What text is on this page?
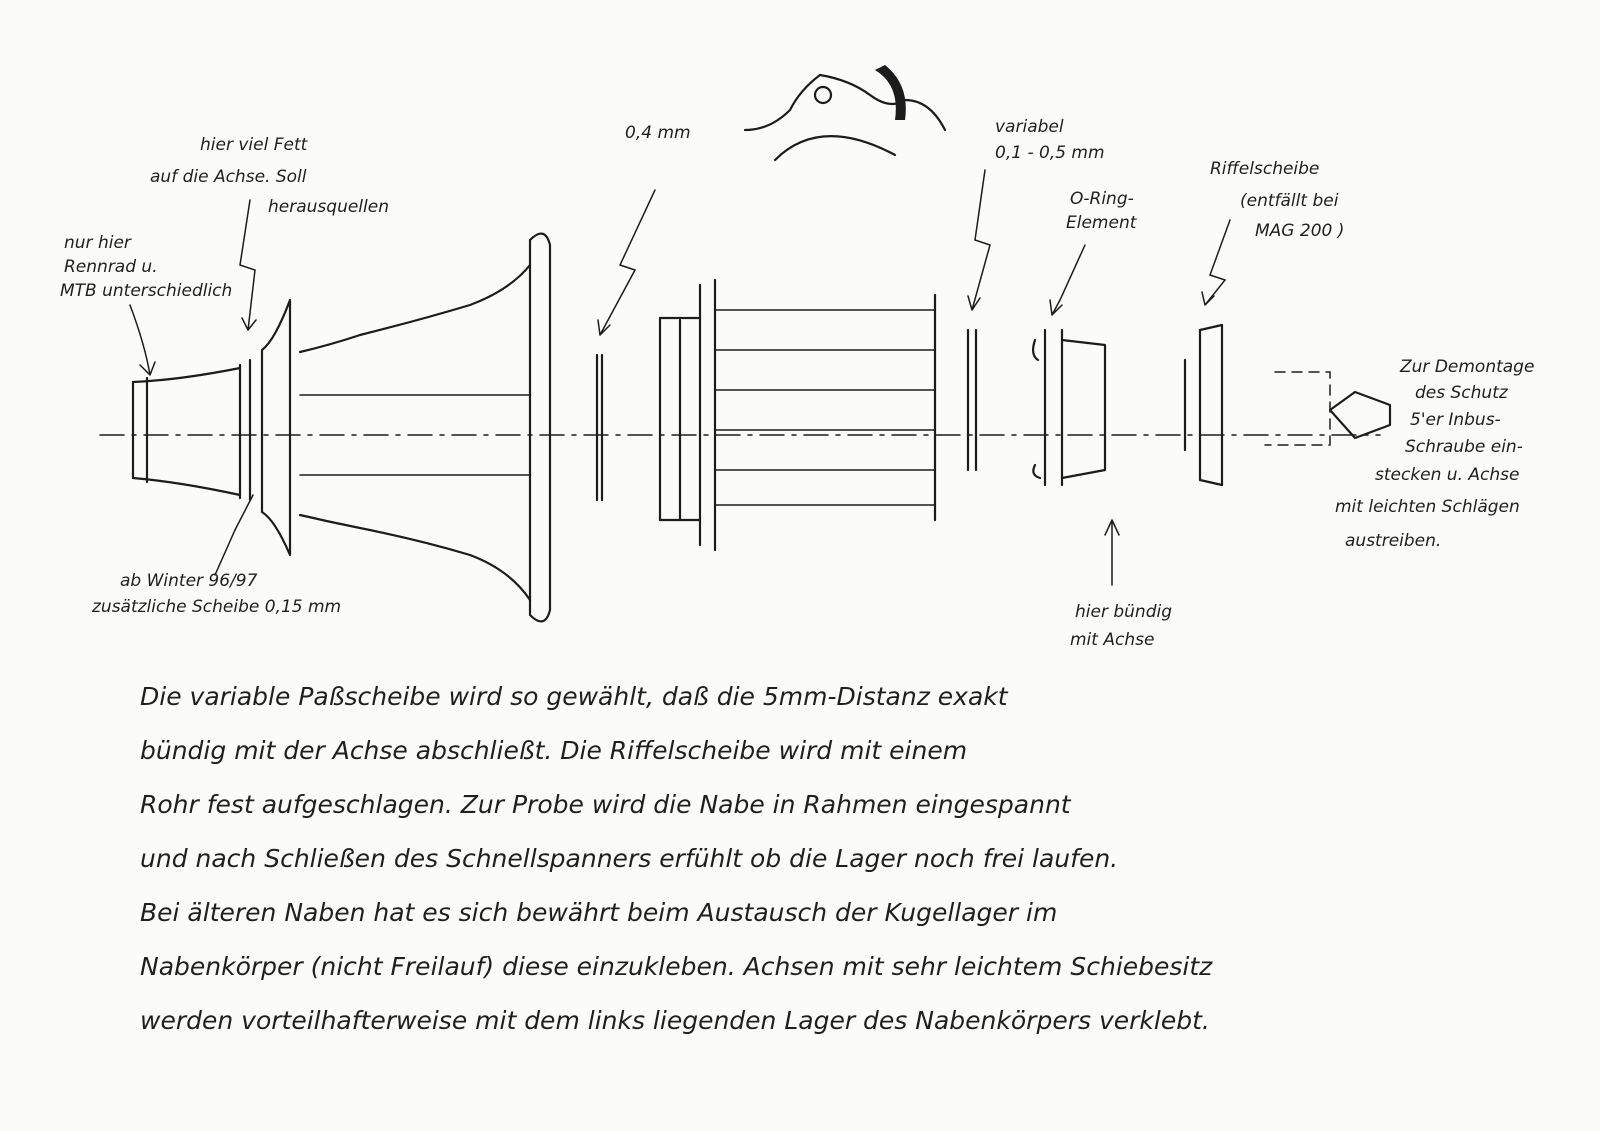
nur hier
Rennrad u.
MTB unterschiedlich
hier viel Fett
auf die Achse. Soll
herausquellen
0,4 mm	variabel
0,1 - 0,5 mm
O-Ring-
Element
Riffelscheibe
(entfällt bei
MAG 200 )
Zur Demontage
des Schutz
5'er Inbus-
Schraube ein-
stecken u. Achse
mit leichten Schlägen
austreiben.
ab Winter 96/97
zusätzliche Scheibe 0,15 mm	hier bündig
mit Achse
Die variable Paßscheibe wird so gewählt, daß die 5mm-Distanz exakt
bündig mit der Achse abschließt. Die Riffelscheibe wird mit einem
Rohr fest aufgeschlagen. Zur Probe wird die Nabe in Rahmen eingespannt
und nach Schließen des Schnellspanners erfühlt ob die Lager noch frei laufen.
Bei älteren Naben hat es sich bewährt beim Austausch der Kugellager im
Nabenkörper (nicht Freilauf) diese einzukleben. Achsen mit sehr leichtem Schiebesitz
werden vorteilhafterweise mit dem links liegenden Lager des Nabenkörpers verklebt.
